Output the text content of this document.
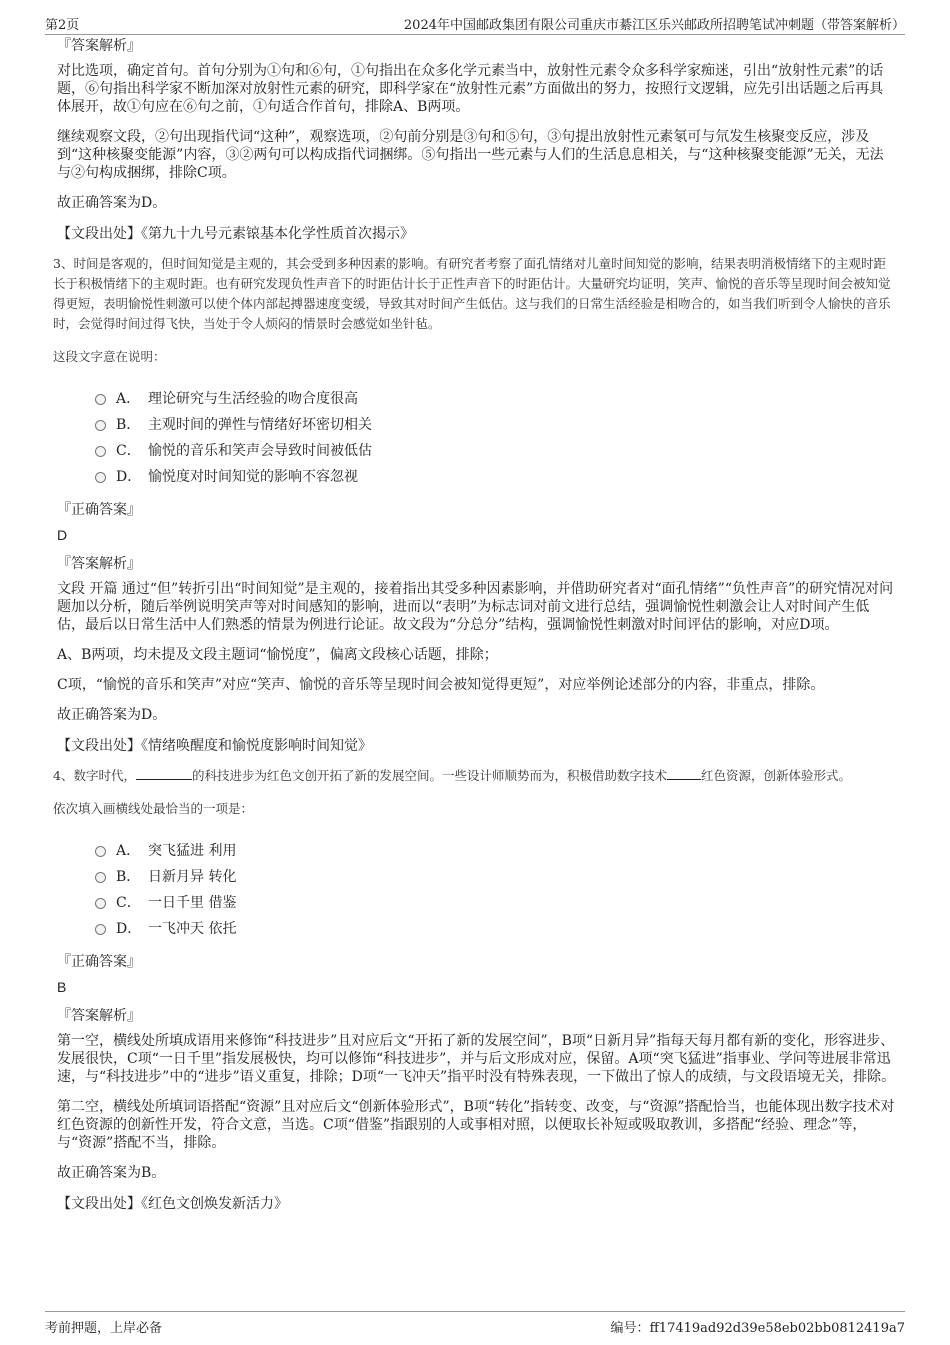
第2页	2024年中国邮政集团有限公司重庆市綦江区乐兴邮政所招聘笔试冲刺题（带答案解析）
『答案解析』

对比选项，确定首句。首句分别为①句和⑥句，①句指出在众多化学元素当中，放射性元素令众多科学家痴迷，引出“放射性元素”的话题，⑥句指出科学家不断加深对放射性元素的研究，即科学家在“放射性元素”方面做出的努力，按照行文逻辑，应先引出话题之后再具体展开，故①句应在⑥句之前，①句适合作首句，排除A、B两项。

继续观察文段，②句出现指代词“这种”，观察选项，②句前分别是③句和⑤句，③句提出放射性元素氡可与氘发生核聚变反应，涉及到“这种核聚变能源”内容，③②两句可以构成指代词捆绑。⑤句指出一些元素与人们的生活息息相关，与“这种核聚变能源”无关，无法与②句构成捆绑，排除C项。

故正确答案为D。

【文段出处】《第九十九号元素锿基本化学性质首次揭示》
3、时间是客观的，但时间知觉是主观的，其会受到多种因素的影响。有研究者考察了面孔情绪对儿童时间知觉的影响，结果表明消极情绪下的主观时距长于积极情绪下的主观时距。也有研究发现负性声音下的时距估计长于正性声音下的时距估计。大量研究均证明，笑声、愉悦的音乐等呈现时间会被知觉得更短，表明愉悦性刺激可以使个体内部起搏器速度变缓，导致其对时间产生低估。这与我们的日常生活经验是相吻合的，如当我们听到令人愉快的音乐时，会觉得时间过得飞快，当处于令人烦闷的情景时会感觉如坐针毡。
这段文字意在说明：
A． 理论研究与生活经验的吻合度很高
B． 主观时间的弹性与情绪好坏密切相关
C． 愉悦的音乐和笑声会导致时间被低估
D． 愉悦度对时间知觉的影响不容忽视
『正确答案』
D
『答案解析』

文段 开篇 通过“但”转折引出“时间知觉”是主观的，接着指出其受多种因素影响，并借助研究者对“面孔情绪”“负性声音”的研究情况对问题加以分析，随后举例说明笑声等对时间感知的影响，进而以“表明”为标志词对前文进行总结，强调愉悦性刺激会让人对时间产生低估，最后以日常生活中人们熟悉的情景为例进行论证。故文段为“分总分”结构，强调愉悦性刺激对时间评估的影响，对应D项。

A、B两项，均未提及文段主题词“愉悦度”，偏离文段核心话题，排除；

C项，“愉悦的音乐和笑声”对应“笑声、愉悦的音乐等呈现时间会被知觉得更短”，对应举例论述部分的内容，非重点，排除。

故正确答案为D。

【文段出处】《情绪唤醒度和愉悦度影响时间知觉》
4、数字时代，	的科技进步为红色文创开拓了新的发展空间。一些设计师顺势而为，积极借助数字技术	红色资源，创新体验形式。
依次填入画横线处最恰当的一项是：
A． 突飞猛进 利用
B． 日新月异 转化
C． 一日千里 借鉴
D． 一飞冲天 依托
『正确答案』
B
『答案解析』

第一空，横线处所填成语用来修饰“科技进步”且对应后文“开拓了新的发展空间”，B项“日新月异”指每天每月都有新的变化，形容进步、发展很快，C项“一日千里”指发展极快，均可以修饰“科技进步”，并与后文形成对应，保留。A项“突飞猛进”指事业、学问等进展非常迅速，与“科技进步”中的“进步”语义重复，排除；D项“一飞冲天”指平时没有特殊表现，一下做出了惊人的成绩，与文段语境无关，排除。

第二空，横线处所填词语搭配“资源”且对应后文“创新体验形式”，B项“转化”指转变、改变，与“资源”搭配恰当，也能体现出数字技术对红色资源的创新性开发，符合文意，当选。C项“借鉴”指跟别的人或事相对照，以便取长补短或吸取教训，多搭配“经验、理念”等，与“资源”搭配不当，排除。

故正确答案为B。

【文段出处】《红色文创焕发新活力》
考前押题，上岸必备	编号：ff17419ad92d39e58eb02bb0812419a7
